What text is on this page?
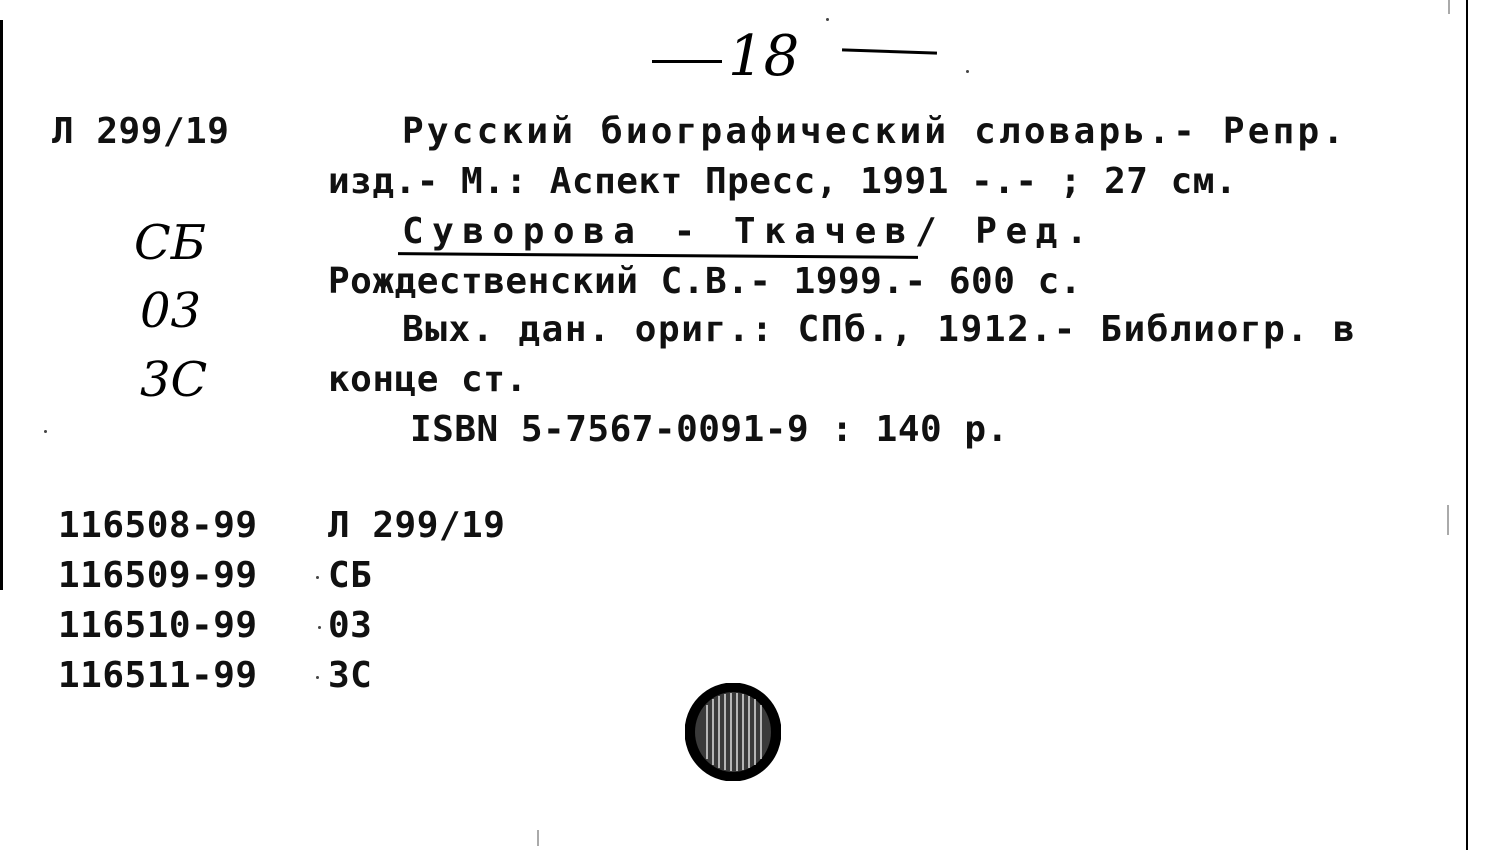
18
Л 299/19
СБ
03
3С
Русский биографический словарь.- Репр.
изд.- М.: Аспект Пресс, 1991 -.- ; 27 см.
Суворова - Ткачев/ Ред.
Рождественский С.В.- 1999.- 600 с.
Вых. дан. ориг.: СПб., 1912.- Библиогр. в
конце ст.
ISBN 5-7567-0091-9 : 140 р.
116508-99 Л 299/19
116509-99 СБ
116510-99 03
116511-99 3С
